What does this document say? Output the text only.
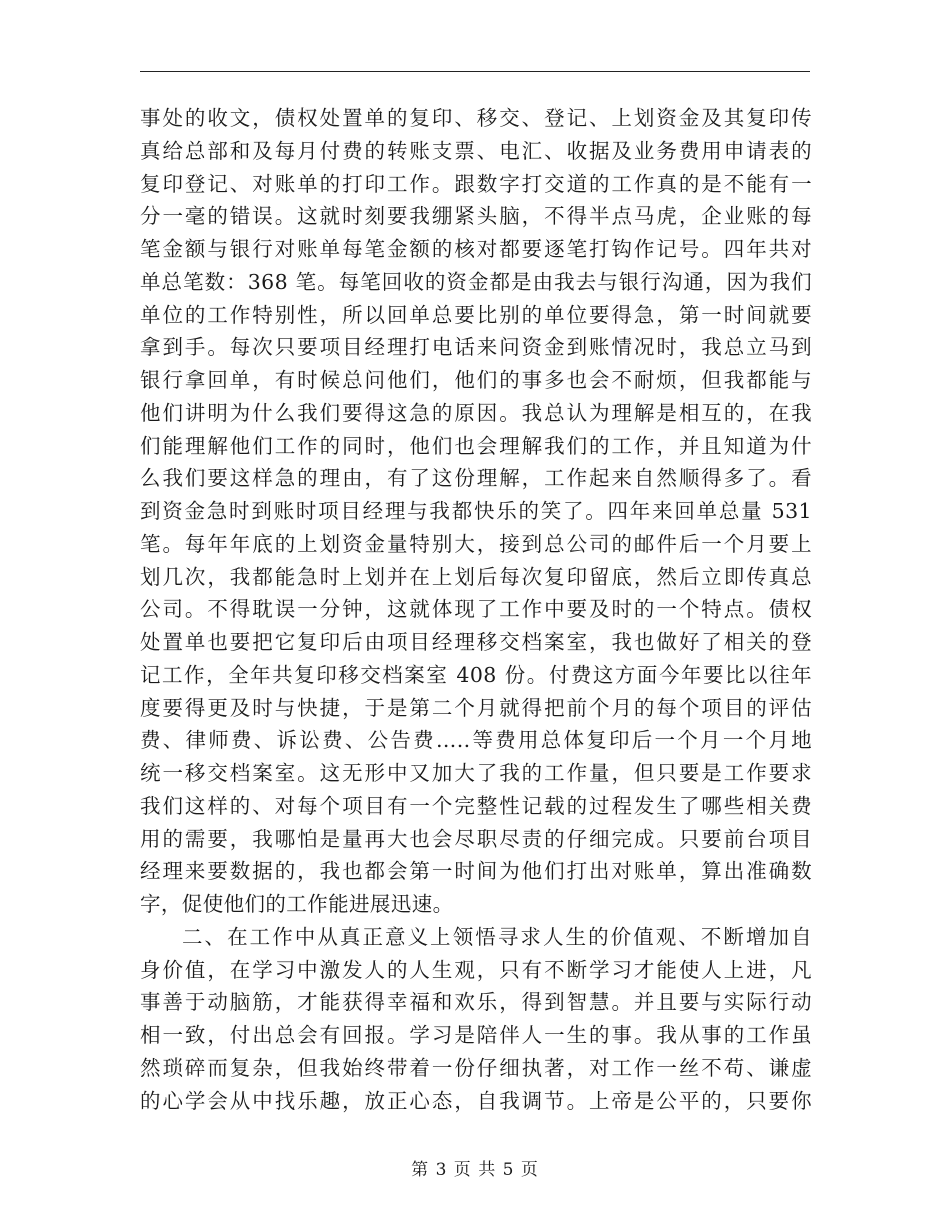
事处的收文，债权处置单的复印、移交、登记、上划资金及其复印传
真给总部和及每月付费的转账支票、电汇、收据及业务费用申请表的
复印登记、对账单的打印工作。跟数字打交道的工作真的是不能有一
分一毫的错误。这就时刻要我绷紧头脑，不得半点马虎，企业账的每
笔金额与银行对账单每笔金额的核对都要逐笔打钩作记号。四年共对
单总笔数：368 笔。每笔回收的资金都是由我去与银行沟通，因为我们
单位的工作特别性，所以回单总要比别的单位要得急，第一时间就要
拿到手。每次只要项目经理打电话来问资金到账情况时，我总立马到
银行拿回单，有时候总问他们，他们的事多也会不耐烦，但我都能与
他们讲明为什么我们要得这急的原因。我总认为理解是相互的，在我
们能理解他们工作的同时，他们也会理解我们的工作，并且知道为什
么我们要这样急的理由，有了这份理解，工作起来自然顺得多了。看
到资金急时到账时项目经理与我都快乐的笑了。四年来回单总量 531
笔。每年年底的上划资金量特别大，接到总公司的邮件后一个月要上
划几次，我都能急时上划并在上划后每次复印留底，然后立即传真总
公司。不得耽误一分钟，这就体现了工作中要及时的一个特点。债权
处置单也要把它复印后由项目经理移交档案室，我也做好了相关的登
记工作，全年共复印移交档案室 408 份。付费这方面今年要比以往年
度要得更及时与快捷，于是第二个月就得把前个月的每个项目的评估
费、律师费、诉讼费、公告费…..等费用总体复印后一个月一个月地
统一移交档案室。这无形中又加大了我的工作量，但只要是工作要求
我们这样的、对每个项目有一个完整性记载的过程发生了哪些相关费
用的需要，我哪怕是量再大也会尽职尽责的仔细完成。只要前台项目
经理来要数据的，我也都会第一时间为他们打出对账单，算出准确数
字，促使他们的工作能进展迅速。
二、在工作中从真正意义上领悟寻求人生的价值观、不断增加自
身价值，在学习中激发人的人生观，只有不断学习才能使人上进，凡
事善于动脑筋，才能获得幸福和欢乐，得到智慧。并且要与实际行动
相一致，付出总会有回报。学习是陪伴人一生的事。我从事的工作虽
然琐碎而复杂，但我始终带着一份仔细执著，对工作一丝不苟、谦虚
的心学会从中找乐趣，放正心态，自我调节。上帝是公平的，只要你
第 3 页 共 5 页
